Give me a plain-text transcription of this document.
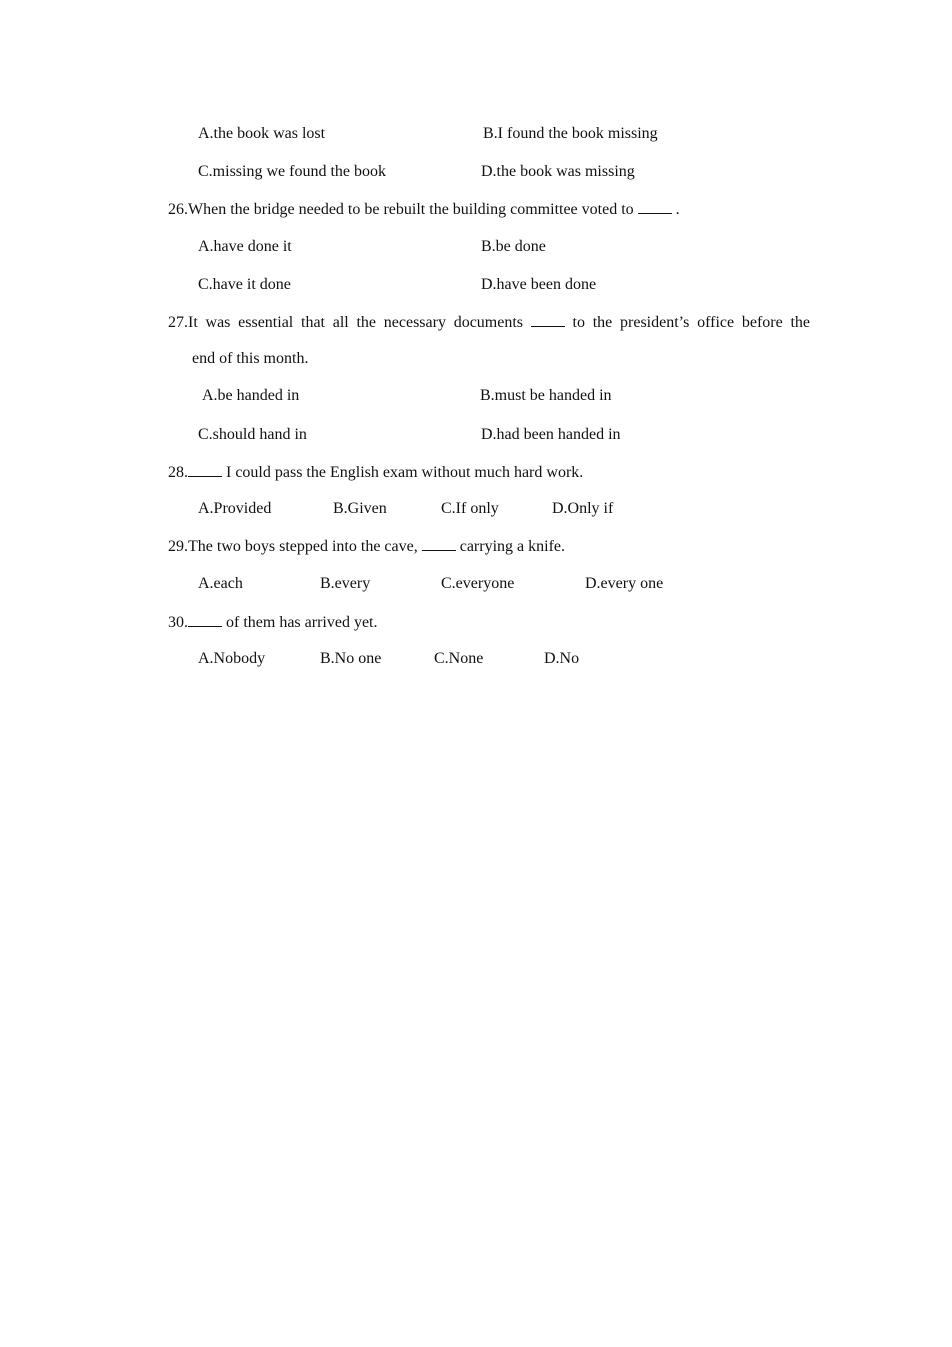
A.the book was lost	B.I found the book missing
C.missing we found the book	D.the book was missing
26.When the bridge needed to be rebuilt the building committee voted to	.
A.have done it	B.be done
C.have it done	D.have been done
27.It was essential that all the necessary documents	to the president’s office before the
end of this month.
A.be handed in	B.must be handed in
C.should hand in	D.had been handed in
28. I could pass the English exam without much hard work.
A.Provided	B.Given	C.If only	D.Only if
29.The two boys stepped into the cave,	carrying a knife.
A.each	B.every	C.everyone	D.every one
30. of them has arrived yet.
A.Nobody	B.No one	C.None	D.No
